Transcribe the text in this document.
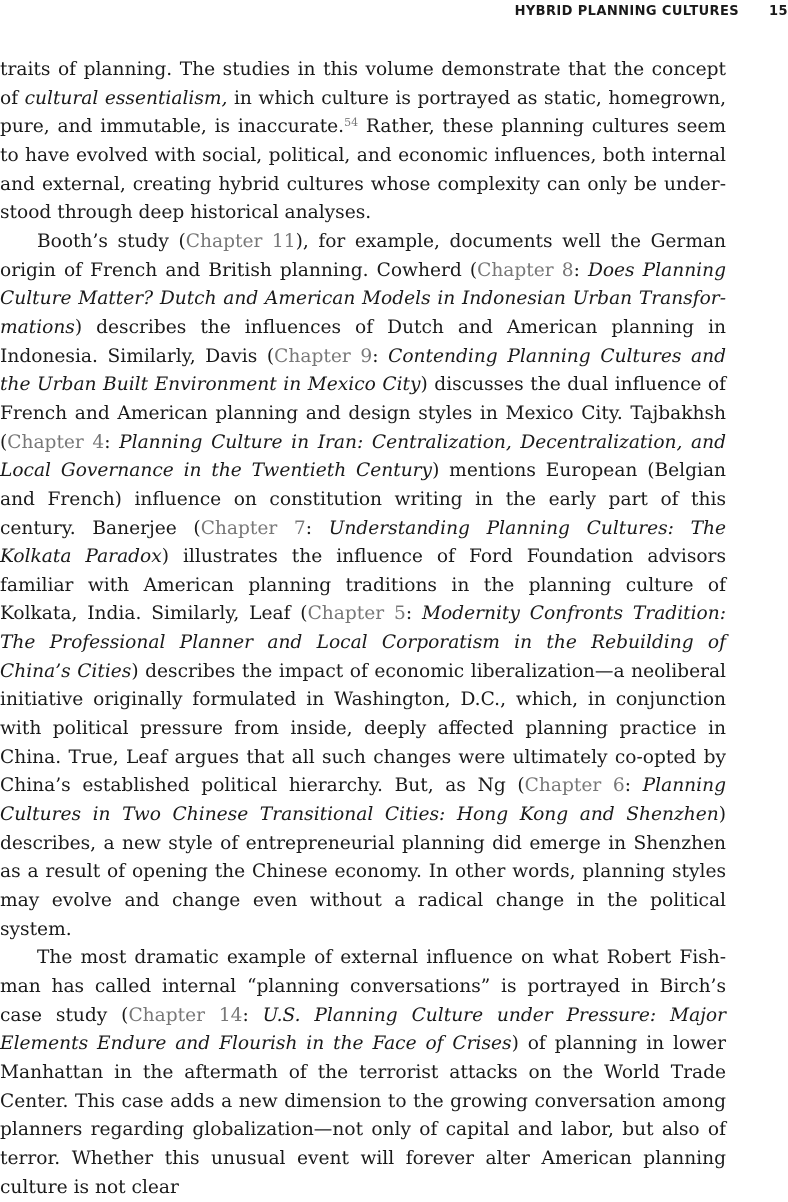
HYBRID PLANNING CULTURES 15

traits of planning. The studies in this volume demonstrate that the concept of cultural essentialism, in which culture is portrayed as static, homegrown, pure, and immutable, is inaccurate.$^{54}$ Rather, these planning cultures seem to have evolved with social, political, and economic influences, both internal and external, creating hybrid cultures whose complexity can only be understood through deep historical analyses.

Booth’s study (Chapter 11), for example, documents well the German origin of French and British planning. Cowherd (Chapter 8: Does Planning Culture Matter? Dutch and American Models in Indonesian Urban Transformations) describes the influences of Dutch and American planning in Indonesia. Similarly, Davis (Chapter 9: Contending Planning Cultures and the Urban Built Environment in Mexico City) discusses the dual influence of French and American planning and design styles in Mexico City. Tajbakhsh (Chapter 4: Planning Culture in Iran: Centralization, Decentralization, and Local Governance in the Twentieth Century) mentions European (Belgian and French) influence on constitution writing in the early part of this century. Banerjee (Chapter 7: Understanding Planning Cultures: The Kolkata Paradox) illustrates the influence of Ford Foundation advisors familiar with American planning traditions in the planning culture of Kolkata, India. Similarly, Leaf (Chapter 5: Modernity Confronts Tradition: The Professional Planner and Local Corporatism in the Rebuilding of China’s Cities) describes the impact of economic liberalization—a neoliberal initiative originally formulated in Washington, D.C., which, in conjunction with political pressure from inside, deeply affected planning practice in China. True, Leaf argues that all such changes were ultimately co-opted by China’s established political hierarchy. But, as Ng (Chapter 6: Planning Cultures in Two Chinese Transitional Cities: Hong Kong and Shenzhen) describes, a new style of entrepreneurial planning did emerge in Shenzhen as a result of opening the Chinese economy. In other words, planning styles may evolve and change even without a radical change in the political system.

The most dramatic example of external influence on what Robert Fishman has called internal “planning conversations” is portrayed in Birch’s case study (Chapter 14: U.S. Planning Culture under Pressure: Major Elements Endure and Flourish in the Face of Crises) of planning in lower Manhattan in the aftermath of the terrorist attacks on the World Trade Center. This case adds a new dimension to the growing conversation among planners regarding globalization—not only of capital and labor, but also of terror. Whether this unusual event will forever alter American planning culture is not clear
